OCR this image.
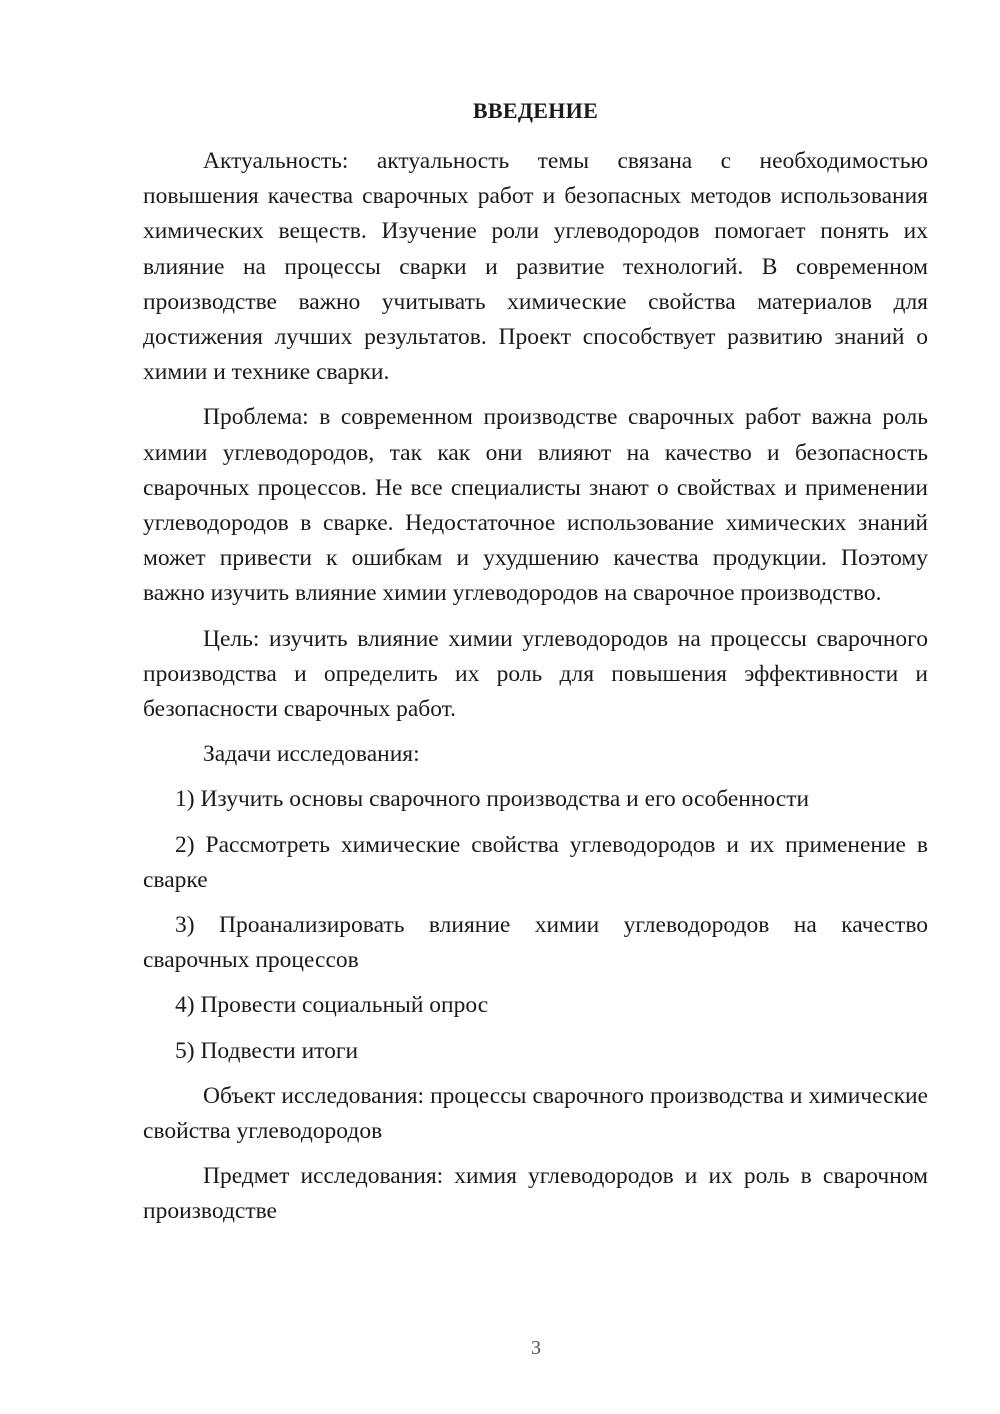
ВВЕДЕНИЕ

Актуальность: актуальность темы связана с необходимостью повышения качества сварочных работ и безопасных методов использования химических веществ. Изучение роли углеводородов помогает понять их влияние на процессы сварки и развитие технологий. В современном производстве важно учитывать химические свойства материалов для достижения лучших результатов. Проект способствует развитию знаний о химии и технике сварки.

Проблема: в современном производстве сварочных работ важна роль химии углеводородов, так как они влияют на качество и безопасность сварочных процессов. Не все специалисты знают о свойствах и применении углеводородов в сварке. Недостаточное использование химических знаний может привести к ошибкам и ухудшению качества продукции. Поэтому важно изучить влияние химии углеводородов на сварочное производство.

Цель: изучить влияние химии углеводородов на процессы сварочного производства и определить их роль для повышения эффективности и безопасности сварочных работ.

Задачи исследования:

1) Изучить основы сварочного производства и его особенности

2) Рассмотреть химические свойства углеводородов и их применение в сварке

3) Проанализировать влияние химии углеводородов на качество сварочных процессов

4) Провести социальный опрос

5) Подвести итоги

Объект исследования: процессы сварочного производства и химические свойства углеводородов

Предмет исследования: химия углеводородов и их роль в сварочном производстве

3
